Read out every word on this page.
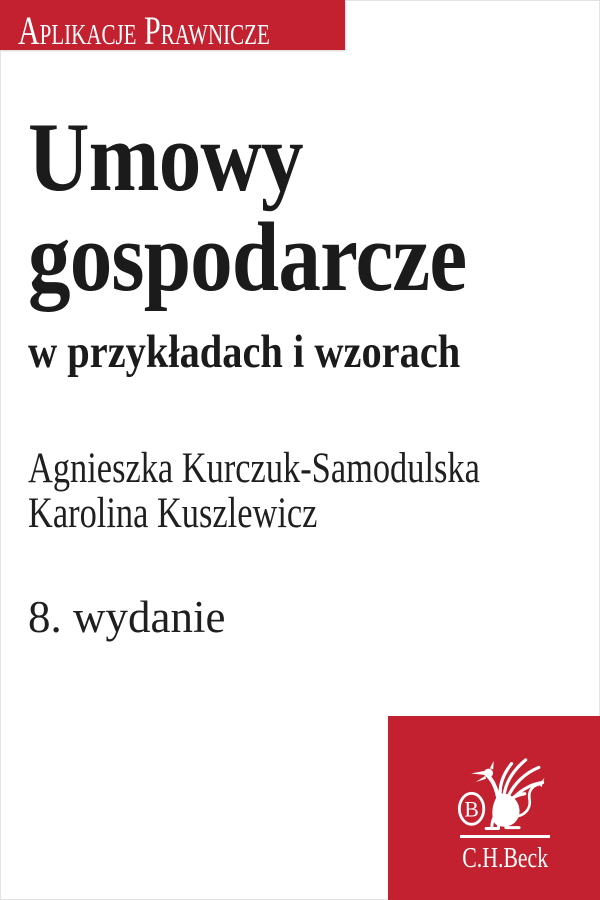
Aplikacje Prawnicze
Umowy
gospodarcze
w przykładach i wzorach
Agnieszka Kurczuk-Samodulska
Karolina Kuszlewicz
8. wydanie
B
C.H.Beck
